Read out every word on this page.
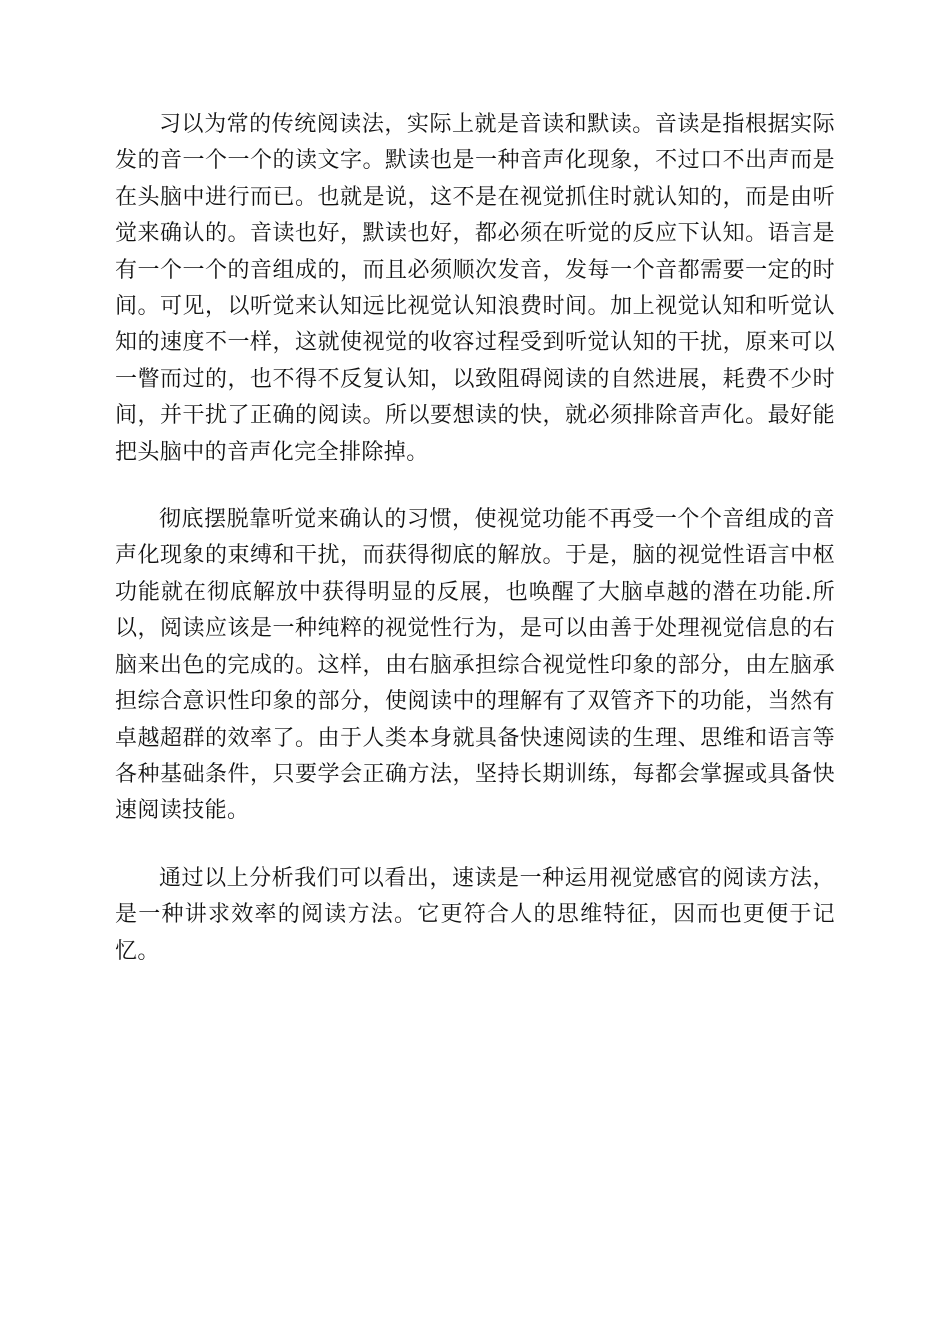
习以为常的传统阅读法，实际上就是音读和默读。音读是指根据实际发的音一个一个的读文字。默读也是一种音声化现象，不过口不出声而是在头脑中进行而已。也就是说，这不是在视觉抓住时就认知的，而是由听觉来确认的。音读也好，默读也好，都必须在听觉的反应下认知。语言是有一个一个的音组成的，而且必须顺次发音，发每一个音都需要一定的时间。可见，以听觉来认知远比视觉认知浪费时间。加上视觉认知和听觉认知的速度不一样，这就使视觉的收容过程受到听觉认知的干扰，原来可以一瞥而过的，也不得不反复认知，以致阻碍阅读的自然进展，耗费不少时间，并干扰了正确的阅读。所以要想读的快，就必须排除音声化。最好能把头脑中的音声化完全排除掉。

彻底摆脱靠听觉来确认的习惯，使视觉功能不再受一个个音组成的音声化现象的束缚和干扰，而获得彻底的解放。于是，脑的视觉性语言中枢功能就在彻底解放中获得明显的反展，也唤醒了大脑卓越的潜在功能.所以，阅读应该是一种纯粹的视觉性行为，是可以由善于处理视觉信息的右脑来出色的完成的。这样，由右脑承担综合视觉性印象的部分，由左脑承担综合意识性印象的部分，使阅读中的理解有了双管齐下的功能，当然有卓越超群的效率了。由于人类本身就具备快速阅读的生理、思维和语言等各种基础条件，只要学会正确方法，坚持长期训练，每都会掌握或具备快速阅读技能。

通过以上分析我们可以看出，速读是一种运用视觉感官的阅读方法，是一种讲求效率的阅读方法。它更符合人的思维特征，因而也更便于记忆。
